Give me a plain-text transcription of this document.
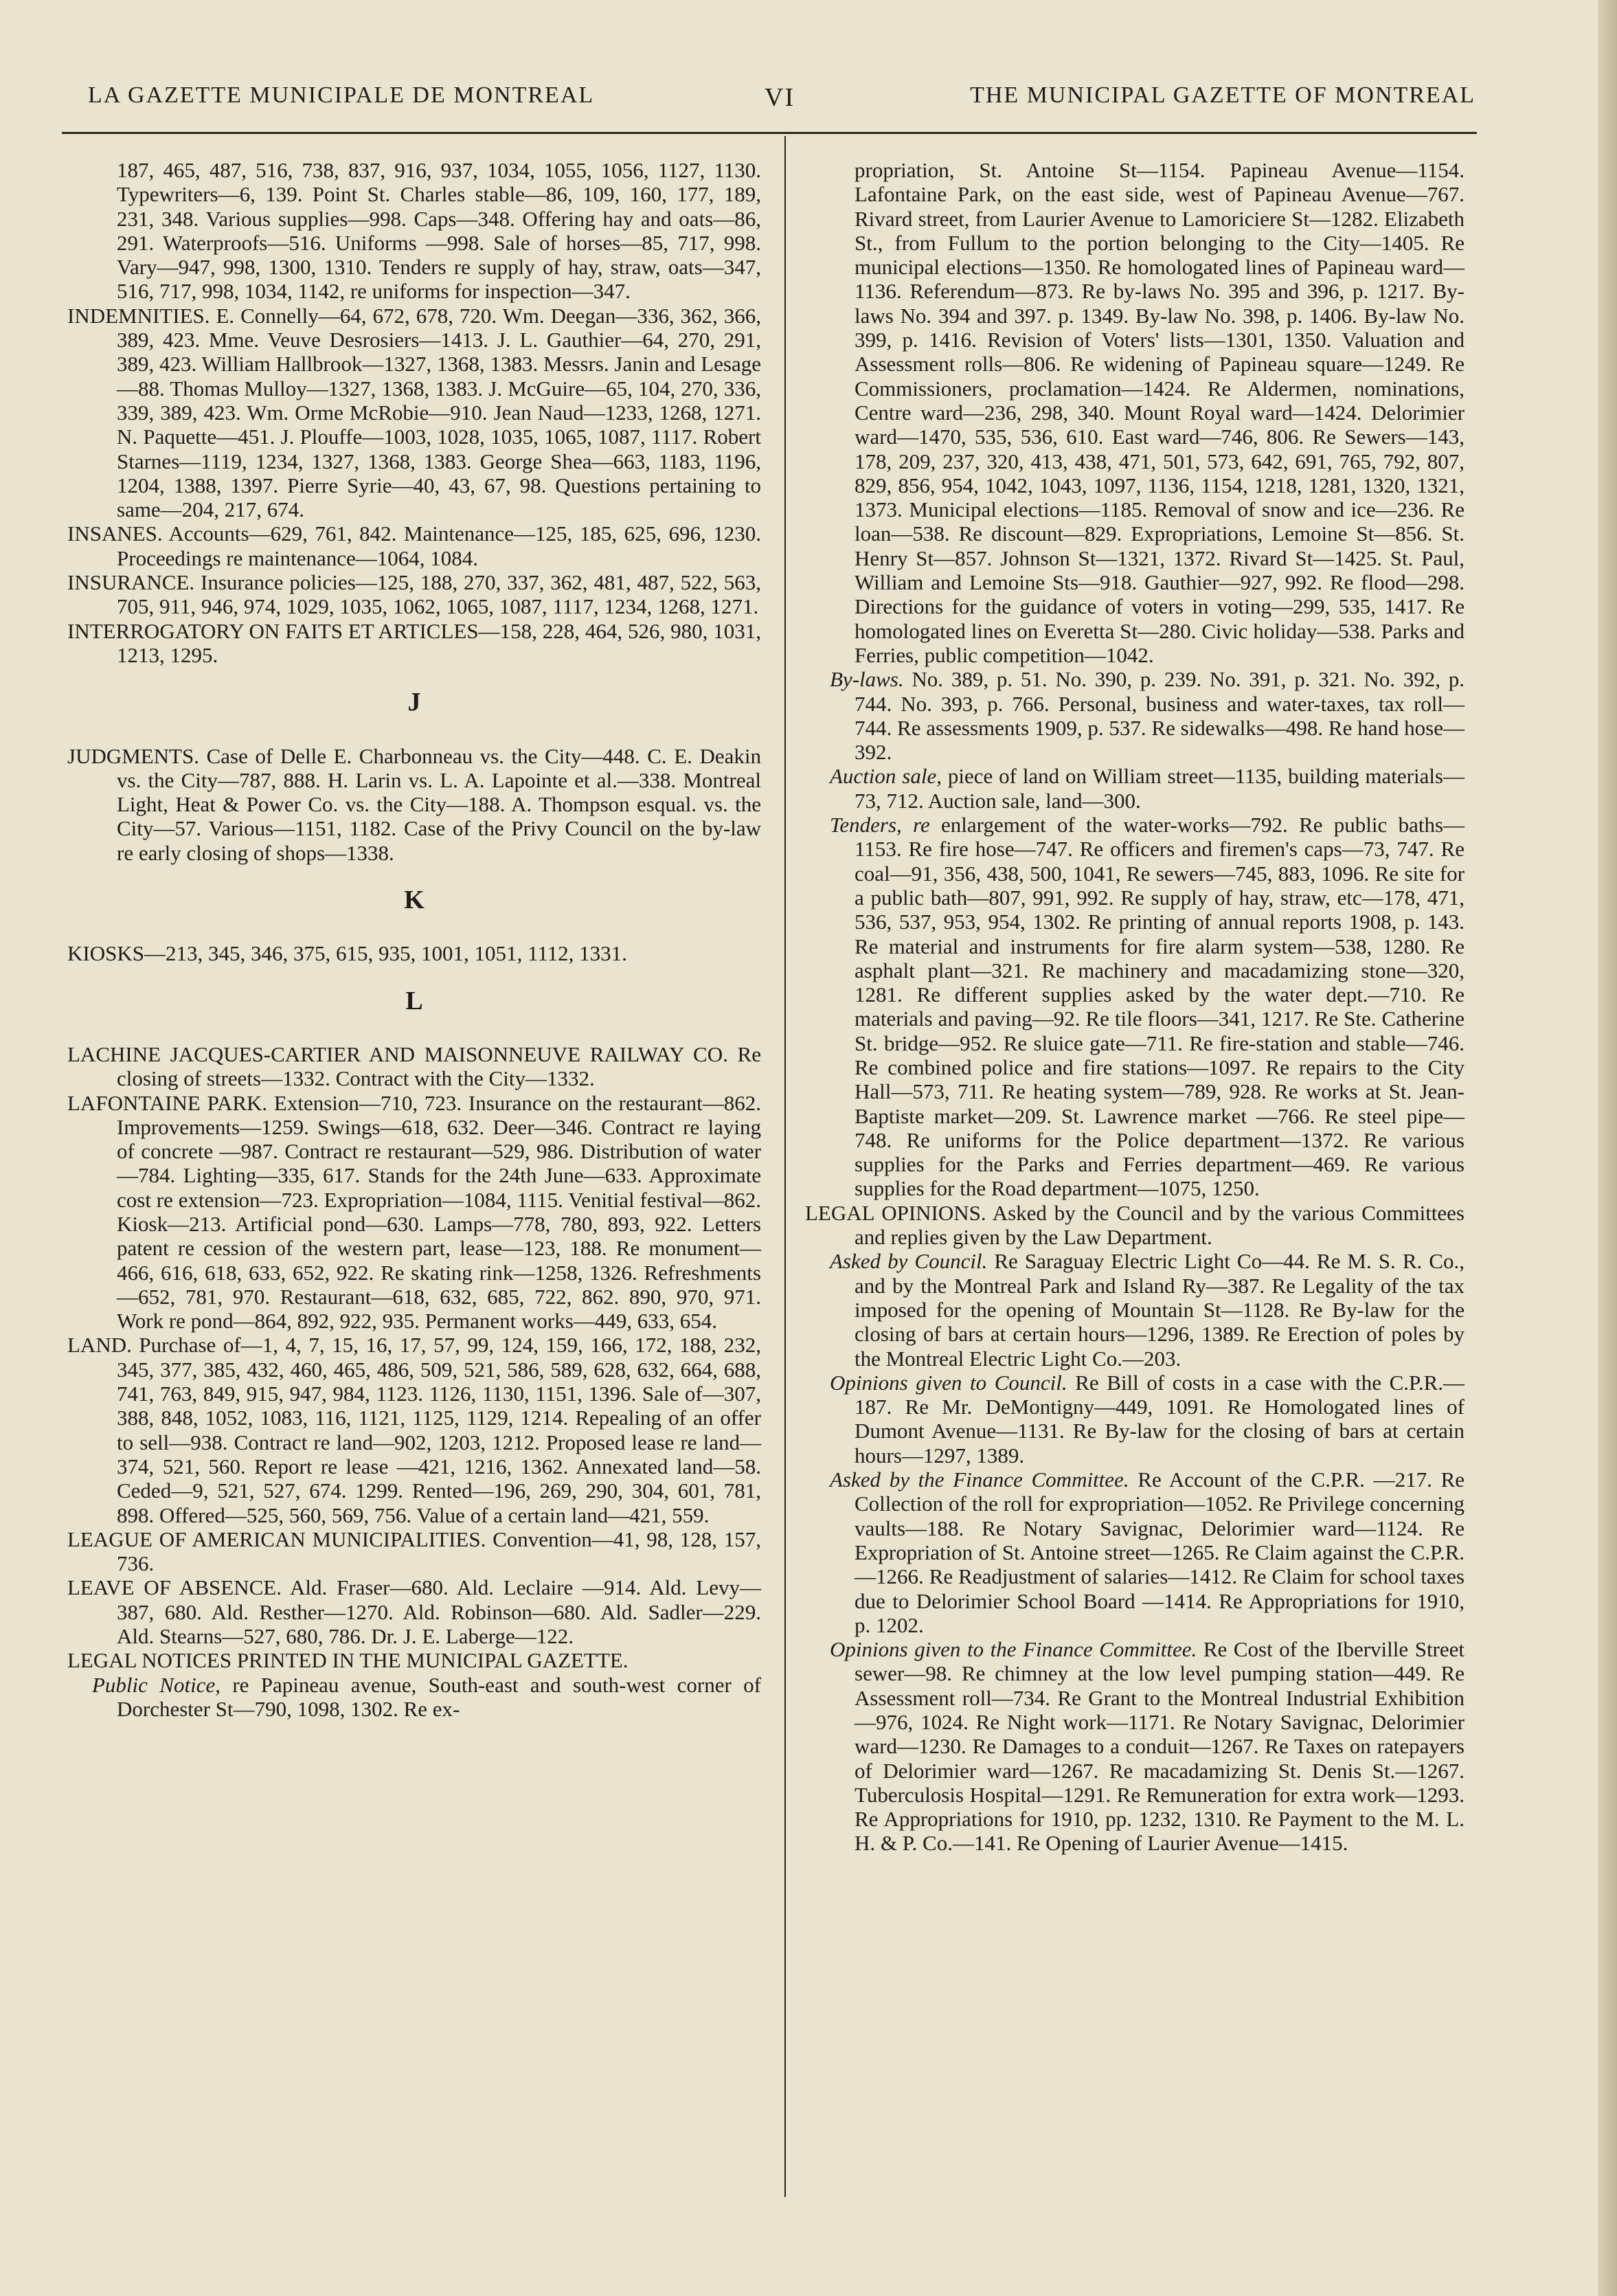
LA GAZETTE MUNICIPALE DE MONTREAL	VI	THE MUNICIPAL GAZETTE OF MONTREAL
187, 465, 487, 516, 738, 837, 916, 937, 1034, 1055, 1056, 1127, 1130. Typewriters—6, 139. Point St. Charles stable—86, 109, 160, 177, 189, 231, 348. Various supplies—998. Caps—348. Offering hay and oats—86, 291. Waterproofs—516. Uniforms —998. Sale of horses—85, 717, 998. Vary—947, 998, 1300, 1310. Tenders re supply of hay, straw, oats—347, 516, 717, 998, 1034, 1142, re uniforms for inspection—347.
INDEMNITIES. E. Connelly—64, 672, 678, 720. Wm. Deegan—336, 362, 366, 389, 423. Mme. Veuve Desrosiers—1413. J. L. Gauthier—64, 270, 291, 389, 423. William Hallbrook—1327, 1368, 1383. Messrs. Janin and Lesage—88. Thomas Mulloy—1327, 1368, 1383. J. McGuire—65, 104, 270, 336, 339, 389, 423. Wm. Orme McRobie—910. Jean Naud—1233, 1268, 1271. N. Paquette—451. J. Plouffe—1003, 1028, 1035, 1065, 1087, 1117. Robert Starnes—1119, 1234, 1327, 1368, 1383. George Shea—663, 1183, 1196, 1204, 1388, 1397. Pierre Syrie—40, 43, 67, 98. Questions pertaining to same—204, 217, 674.
INSANES. Accounts—629, 761, 842. Maintenance—125, 185, 625, 696, 1230. Proceedings re maintenance—1064, 1084.
INSURANCE. Insurance policies—125, 188, 270, 337, 362, 481, 487, 522, 563, 705, 911, 946, 974, 1029, 1035, 1062, 1065, 1087, 1117, 1234, 1268, 1271.
INTERROGATORY ON FAITS ET ARTICLES—158, 228, 464, 526, 980, 1031, 1213, 1295.
J
JUDGMENTS. Case of Delle E. Charbonneau vs. the City—448. C. E. Deakin vs. the City—787, 888. H. Larin vs. L. A. Lapointe et al.—338. Montreal Light, Heat & Power Co. vs. the City—188. A. Thompson esqual. vs. the City—57. Various—1151, 1182. Case of the Privy Council on the by-law re early closing of shops—1338.
K
KIOSKS—213, 345, 346, 375, 615, 935, 1001, 1051, 1112, 1331.
L
LACHINE JACQUES-CARTIER AND MAISONNEUVE RAILWAY CO. Re closing of streets—1332. Contract with the City—1332.
LAFONTAINE PARK. Extension—710, 723. Insurance on the restaurant—862. Improvements—1259. Swings—618, 632. Deer—346. Contract re laying of concrete —987. Contract re restaurant—529, 986. Distribution of water—784. Lighting—335, 617. Stands for the 24th June—633. Approximate cost re extension—723. Expropriation—1084, 1115. Venitial festival—862. Kiosk—213. Artificial pond—630. Lamps—778, 780, 893, 922. Letters patent re cession of the western part, lease—123, 188. Re monument—466, 616, 618, 633, 652, 922. Re skating rink—1258, 1326. Refreshments—652, 781, 970. Restaurant—618, 632, 685, 722, 862. 890, 970, 971. Work re pond—864, 892, 922, 935. Permanent works—449, 633, 654.
LAND. Purchase of—1, 4, 7, 15, 16, 17, 57, 99, 124, 159, 166, 172, 188, 232, 345, 377, 385, 432, 460, 465, 486, 509, 521, 586, 589, 628, 632, 664, 688, 741, 763, 849, 915, 947, 984, 1123. 1126, 1130, 1151, 1396. Sale of—307, 388, 848, 1052, 1083, 116, 1121, 1125, 1129, 1214. Repealing of an offer to sell—938. Contract re land—902, 1203, 1212. Proposed lease re land—374, 521, 560. Report re lease —421, 1216, 1362. Annexated land—58. Ceded—9, 521, 527, 674. 1299. Rented—196, 269, 290, 304, 601, 781, 898. Offered—525, 560, 569, 756. Value of a certain land—421, 559.
LEAGUE OF AMERICAN MUNICIPALITIES. Convention—41, 98, 128, 157, 736.
LEAVE OF ABSENCE. Ald. Fraser—680. Ald. Leclaire —914. Ald. Levy—387, 680. Ald. Resther—1270. Ald. Robinson—680. Ald. Sadler—229. Ald. Stearns—527, 680, 786. Dr. J. E. Laberge—122.
LEGAL NOTICES PRINTED IN THE MUNICIPAL GAZETTE.
Public Notice, re Papineau avenue, South-east and south-west corner of Dorchester St—790, 1098, 1302. Re ex-
propriation, St. Antoine St—1154. Papineau Avenue—1154. Lafontaine Park, on the east side, west of Papineau Avenue—767. Rivard street, from Laurier Avenue to Lamoriciere St—1282. Elizabeth St., from Fullum to the portion belonging to the City—1405. Re municipal elections—1350. Re homologated lines of Papineau ward—1136. Referendum—873. Re by-laws No. 395 and 396, p. 1217. By-laws No. 394 and 397. p. 1349. By-law No. 398, p. 1406. By-law No. 399, p. 1416. Revision of Voters' lists—1301, 1350. Valuation and Assessment rolls—806. Re widening of Papineau square—1249. Re Commissioners, proclamation—1424. Re Aldermen, nominations, Centre ward—236, 298, 340. Mount Royal ward—1424. Delorimier ward—1470, 535, 536, 610. East ward—746, 806. Re Sewers—143, 178, 209, 237, 320, 413, 438, 471, 501, 573, 642, 691, 765, 792, 807, 829, 856, 954, 1042, 1043, 1097, 1136, 1154, 1218, 1281, 1320, 1321, 1373. Municipal elections—1185. Removal of snow and ice—236. Re loan—538. Re discount—829. Expropriations, Lemoine St—856. St. Henry St—857. Johnson St—1321, 1372. Rivard St—1425. St. Paul, William and Lemoine Sts—918. Gauthier—927, 992. Re flood—298. Directions for the guidance of voters in voting—299, 535, 1417. Re homologated lines on Everetta St—280. Civic holiday—538. Parks and Ferries, public competition—1042.
By-laws. No. 389, p. 51. No. 390, p. 239. No. 391, p. 321. No. 392, p. 744. No. 393, p. 766. Personal, business and water-taxes, tax roll—744. Re assessments 1909, p. 537. Re sidewalks—498. Re hand hose—392.
Auction sale, piece of land on William street—1135, building materials—73, 712. Auction sale, land—300.
Tenders, re enlargement of the water-works—792. Re public baths—1153. Re fire hose—747. Re officers and firemen's caps—73, 747. Re coal—91, 356, 438, 500, 1041, Re sewers—745, 883, 1096. Re site for a public bath—807, 991, 992. Re supply of hay, straw, etc—178, 471, 536, 537, 953, 954, 1302. Re printing of annual reports 1908, p. 143. Re material and instruments for fire alarm system—538, 1280. Re asphalt plant—321. Re machinery and macadamizing stone—320, 1281. Re different supplies asked by the water dept.—710. Re materials and paving—92. Re tile floors—341, 1217. Re Ste. Catherine St. bridge—952. Re sluice gate—711. Re fire-station and stable—746. Re combined police and fire stations—1097. Re repairs to the City Hall—573, 711. Re heating system—789, 928. Re works at St. Jean-Baptiste market—209. St. Lawrence market —766. Re steel pipe—748. Re uniforms for the Police department—1372. Re various supplies for the Parks and Ferries department—469. Re various supplies for the Road department—1075, 1250.
LEGAL OPINIONS. Asked by the Council and by the various Committees and replies given by the Law Department.
Asked by Council. Re Saraguay Electric Light Co—44. Re M. S. R. Co., and by the Montreal Park and Island Ry—387. Re Legality of the tax imposed for the opening of Mountain St—1128. Re By-law for the closing of bars at certain hours—1296, 1389. Re Erection of poles by the Montreal Electric Light Co.—203.
Opinions given to Council. Re Bill of costs in a case with the C.P.R.—187. Re Mr. DeMontigny—449, 1091. Re Homologated lines of Dumont Avenue—1131. Re By-law for the closing of bars at certain hours—1297, 1389.
Asked by the Finance Committee. Re Account of the C.P.R. —217. Re Collection of the roll for expropriation—1052. Re Privilege concerning vaults—188. Re Notary Savignac, Delorimier ward—1124. Re Expropriation of St. Antoine street—1265. Re Claim against the C.P.R.—1266. Re Readjustment of salaries—1412. Re Claim for school taxes due to Delorimier School Board —1414. Re Appropriations for 1910, p. 1202.
Opinions given to the Finance Committee. Re Cost of the Iberville Street sewer—98. Re chimney at the low level pumping station—449. Re Assessment roll—734. Re Grant to the Montreal Industrial Exhibition—976, 1024. Re Night work—1171. Re Notary Savignac, Delorimier ward—1230. Re Damages to a conduit—1267. Re Taxes on ratepayers of Delorimier ward—1267. Re macadamizing St. Denis St.—1267. Tuberculosis Hospital—1291. Re Remuneration for extra work—1293. Re Appropriations for 1910, pp. 1232, 1310. Re Payment to the M. L. H. & P. Co.—141. Re Opening of Laurier Avenue—1415.
